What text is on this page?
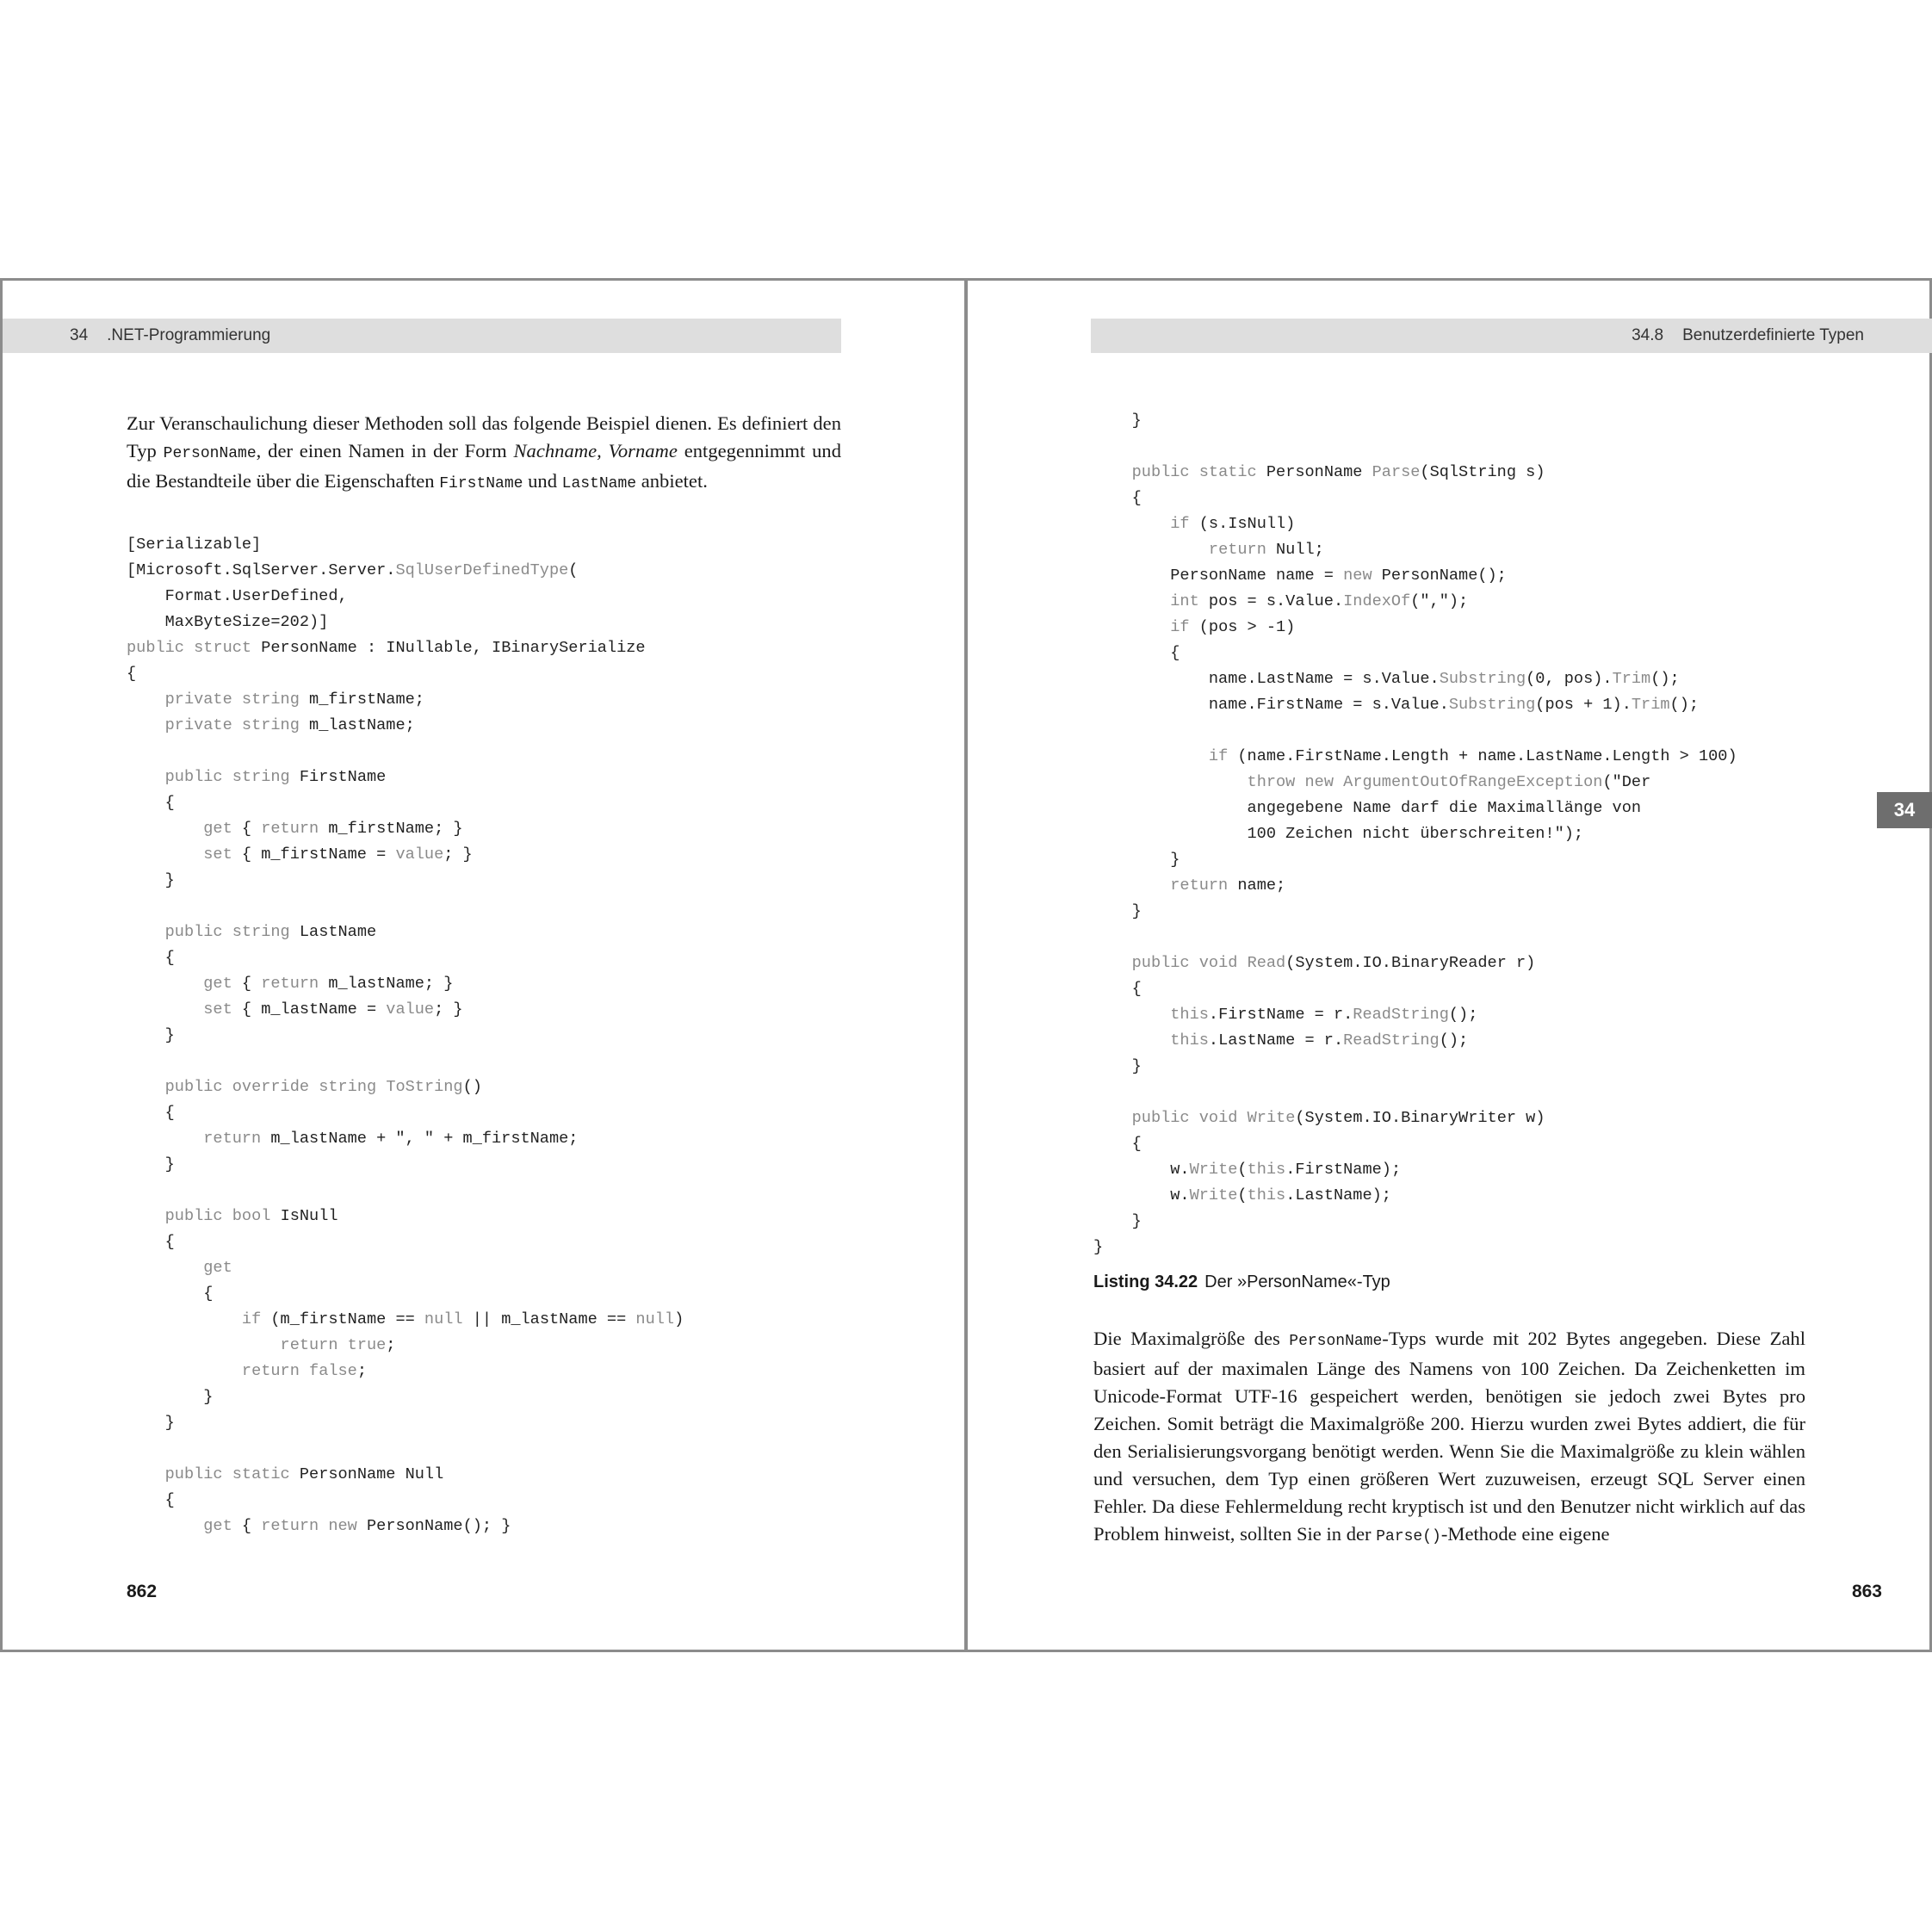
34 .NET-Programmierung

Zur Veranschaulichung dieser Methoden soll das folgende Beispiel dienen. Es definiert den Typ PersonName, der einen Namen in der Form Nachname, Vorname entgegennimmt und die Bestandteile über die Eigenschaften FirstName und LastName anbietet.

[Serializable]
[Microsoft.SqlServer.Server.SqlUserDefinedType(
Format.UserDefined,
MaxByteSize=202)]
public struct PersonName : INullable, IBinarySerialize
{
private string m_firstName;
private string m_lastName;

public string FirstName
{
get { return m_firstName; }
set { m_firstName = value; }
}

public string LastName
{
get { return m_lastName; }
set { m_lastName = value; }
}

public override string ToString()
{
return m_lastName + ", " + m_firstName;
}

public bool IsNull
{
get
{
if (m_firstName == null || m_lastName == null)
return true;
return false;
}
}

public static PersonName Null
{
get { return new PersonName(); }
862
34.8 Benutzerdefinierte Typen
}

public static PersonName Parse(SqlString s)
{
if (s.IsNull)
return Null;
PersonName name = new PersonName();
int pos = s.Value.IndexOf(",");
if (pos > -1)
{
name.LastName = s.Value.Substring(0, pos).Trim();
name.FirstName = s.Value.Substring(pos + 1).Trim();

if (name.FirstName.Length + name.LastName.Length > 100)
throw new ArgumentOutOfRangeException("Der
angegebene Name darf die Maximallänge von
100 Zeichen nicht überschreiten!");
}
return name;
}

public void Read(System.IO.BinaryReader r)
{
this.FirstName = r.ReadString();
this.LastName = r.ReadString();
}

public void Write(System.IO.BinaryWriter w)
{
w.Write(this.FirstName);
w.Write(this.LastName);
}
}
Listing 34.22 Der »PersonName«-Typ

Die Maximalgröße des PersonName-Typs wurde mit 202 Bytes angegeben. Diese Zahl basiert auf der maximalen Länge des Namens von 100 Zeichen. Da Zeichenketten im Unicode-Format UTF-16 gespeichert werden, benötigen sie jedoch zwei Bytes pro Zeichen. Somit beträgt die Maximalgröße 200. Hierzu wurden zwei Bytes addiert, die für den Serialisierungsvorgang benötigt werden. Wenn Sie die Maximalgröße zu klein wählen und versuchen, dem Typ einen größeren Wert zuzuweisen, erzeugt SQL Server einen Fehler. Da diese Fehlermeldung recht kryptisch ist und den Benutzer nicht wirklich auf das Problem hinweist, sollten Sie in der Parse()-Methode eine eigene

863
34
